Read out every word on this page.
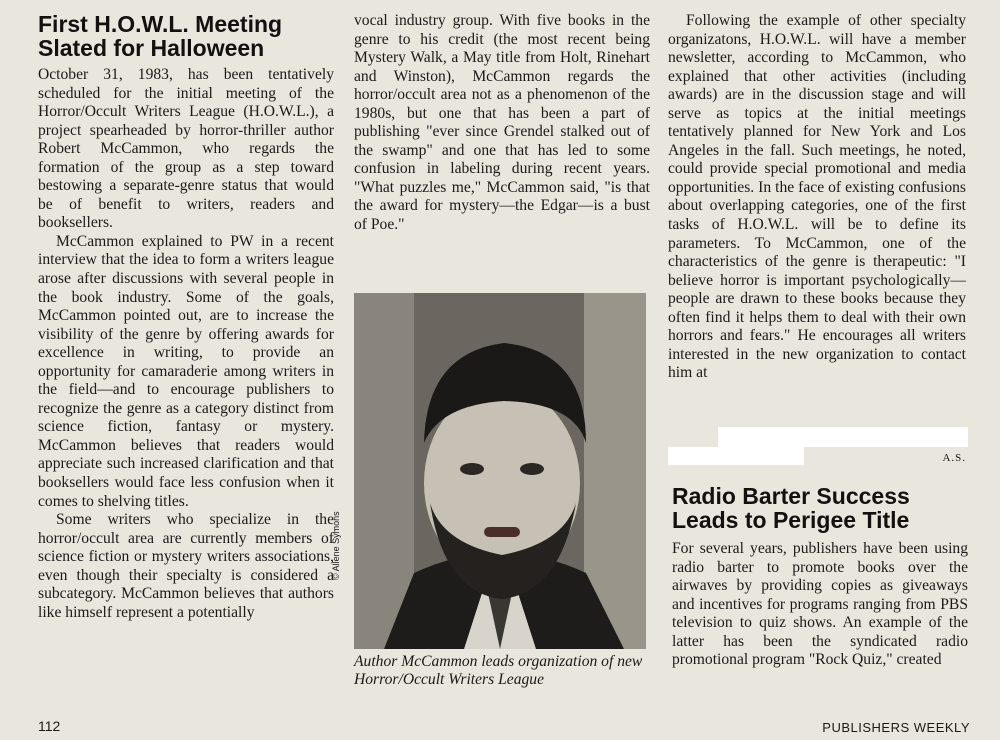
First H.O.W.L. Meeting Slated for Halloween

October 31, 1983, has been tentatively scheduled for the initial meeting of the Horror/Occult Writers League (H.O.W.L.), a project spearheaded by horror-thriller author Robert McCammon, who regards the formation of the group as a step toward bestowing a separate-genre status that would be of benefit to writers, readers and booksellers.

McCammon explained to PW in a recent interview that the idea to form a writers league arose after discussions with several people in the book industry. Some of the goals, McCammon pointed out, are to increase the visibility of the genre by offering awards for excellence in writing, to provide an opportunity for camaraderie among writers in the field—and to encourage publishers to recognize the genre as a category distinct from science fiction, fantasy or mystery. McCammon believes that readers would appreciate such increased clarification and that booksellers would face less confusion when it comes to shelving titles.

Some writers who specialize in the horror/occult area are currently members of science fiction or mystery writers associations, even though their specialty is considered a subcategory. McCammon believes that authors like himself represent a potentially

vocal industry group. With five books in the genre to his credit (the most recent being Mystery Walk, a May title from Holt, Rinehart and Winston), McCammon regards the horror/occult area not as a phenomenon of the 1980s, but one that has been a part of publishing "ever since Grendel stalked out of the swamp" and one that has led to some confusion in labeling during recent years. "What puzzles me," McCammon said, "is that the award for mystery—the Edgar—is a bust of Poe."

© Allene Symons
Author McCammon leads organization of new Horror/Occult Writers League

Following the example of other specialty organizatons, H.O.W.L. will have a member newsletter, according to McCammon, who explained that other activities (including awards) are in the discussion stage and will serve as topics at the initial meetings tentatively planned for New York and Los Angeles in the fall. Such meetings, he noted, could provide special promotional and media opportunities. In the face of existing confusions about overlapping categories, one of the first tasks of H.O.W.L. will be to define its parameters. To McCammon, one of the characteristics of the genre is therapeutic: "I believe horror is important psychologically—people are drawn to these books because they often find it helps them to deal with their own horrors and fears." He encourages all writers interested in the new organization to contact him at

A.S.
Radio Barter Success Leads to Perigee Title

For several years, publishers have been using radio barter to promote books over the airwaves by providing copies as giveaways and incentives for programs ranging from PBS television to quiz shows. An example of the latter has been the syndicated radio promotional program "Rock Quiz," created

112	PUBLISHERS WEEKLY
